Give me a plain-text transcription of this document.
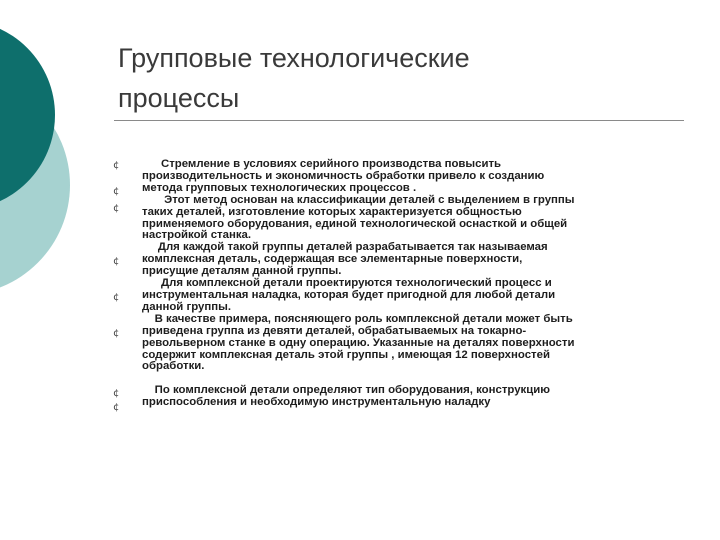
Групповые технологические
процессы
¢
¢
¢
¢
¢
¢
¢
¢

Стремление в условиях серийного производства повысить

производительность и экономичность обработки привело к созданию

метода групповых технологических процессов .

Этот метод основан на классификации деталей с выделением в группы

таких деталей, изготовление которых характеризуется общностью

применяемого оборудования, единой технологической оснасткой и общей

настройкой станка.

Для каждой такой группы деталей разрабатывается так называемая

комплексная деталь, содержащая все элементарные поверхности,

присущие деталям данной группы.

Для комплексной детали проектируются технологический процесс и

инструментальная наладка, которая будет пригодной для любой детали

данной группы.

В качестве примера, поясняющего роль комплексной детали может быть

приведена группа из девяти деталей, обрабатываемых на токарно-

револьверном станке в одну операцию. Указанные на деталях поверхности

содержит комплексная деталь этой группы , имеющая 12 поверхностей

обработки.

По комплексной детали определяют тип оборудования, конструкцию

приспособления и необходимую инструментальную наладку
